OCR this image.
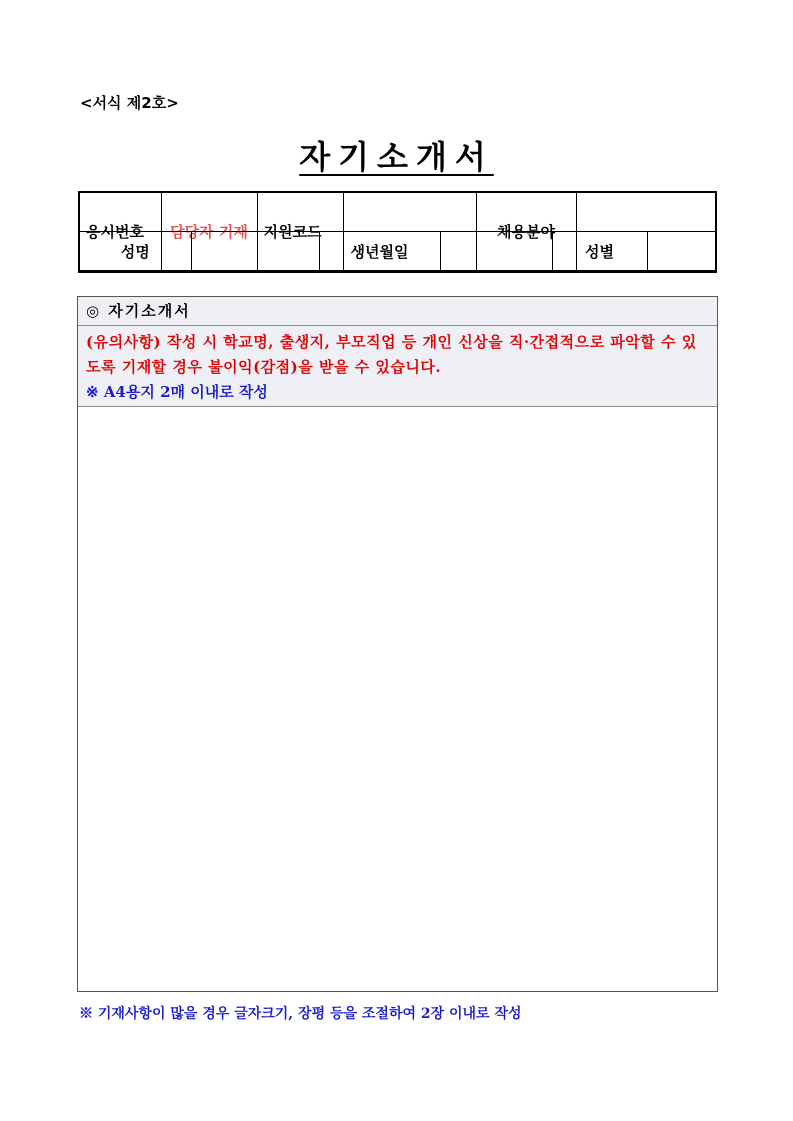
<서식 제2호>
자기소개서
응시번호	담당자 기재	지원코드		채용분야	
성명		생년월일		성별	
◎ 자기소개서
(유의사항) 작성 시 학교명, 출생지, 부모직업 등 개인 신상을 직·간접적으로 파악할 수 있도록 기재할 경우 불이익(감점)을 받을 수 있습니다.
※ A4용지 2매 이내로 작성
※ 기재사항이 많을 경우 글자크기, 장평 등을 조절하여 2장 이내로 작성
